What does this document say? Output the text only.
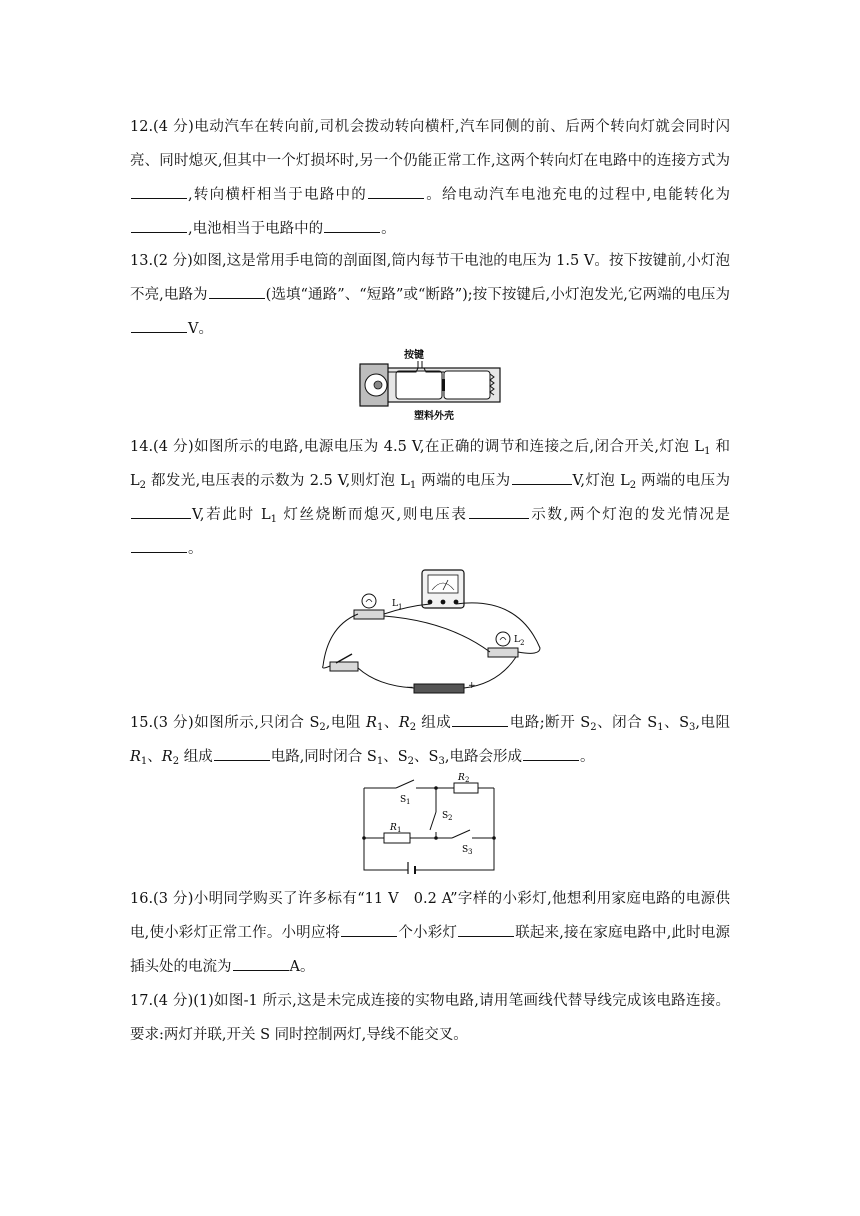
12.(4 分)电动汽车在转向前,司机会拨动转向横杆,汽车同侧的前、后两个转向灯就会同时闪亮、同时熄灭,但其中一个灯损坏时,另一个仍能正常工作,这两个转向灯在电路中的连接方式为,转向横杆相当于电路中的	。给电动汽车电池充电的过程中,电能转化为,电池相当于电路中的	。

13.(2 分)如图,这是常用手电筒的剖面图,筒内每节干电池的电压为 1.5 V。按下按键前,小灯泡不亮,电路为	(选填“通路”、“短路”或“断路”);按下按键后,小灯泡发光,它两端的电压为V。

按键
塑料外壳

14.(4 分)如图所示的电路,电源电压为 4.5 V,在正确的调节和连接之后,闭合开关,灯泡 $L_1$ 和 $L_2$ 都发光,电压表的示数为 2.5 V,则灯泡 $L_1$ 两端的电压为	V,灯泡 $L_2$ 两端的电压为V,若此时 $L_1$ 灯丝烧断而熄灭,则电压表	示数,两个灯泡的发光情况是。

L 1
L 2
−	+

15.(3 分)如图所示,只闭合 $S_2$,电阻 $R_1$、$R_2$ 组成	电路;断开 $S_2$、闭合 $S_1$、$S_3$,电阻 $R_1$、$R_2$ 组成	电路,同时闭合 $S_1$、$S_2$、$S_3$,电路会形成	。

R 2
S 1
S 2
R 1
S 3

16.(3 分)小明同学购买了许多标有“11 V　0.2 A”字样的小彩灯,他想利用家庭电路的电源供电,使小彩灯正常工作。小明应将	个小彩灯	联起来,接在家庭电路中,此时电源插头处的电流为	A。

17.(4 分)(1)如图-1 所示,这是未完成连接的实物电路,请用笔画线代替导线完成该电路连接。要求:两灯并联,开关 S 同时控制两灯,导线不能交叉。
